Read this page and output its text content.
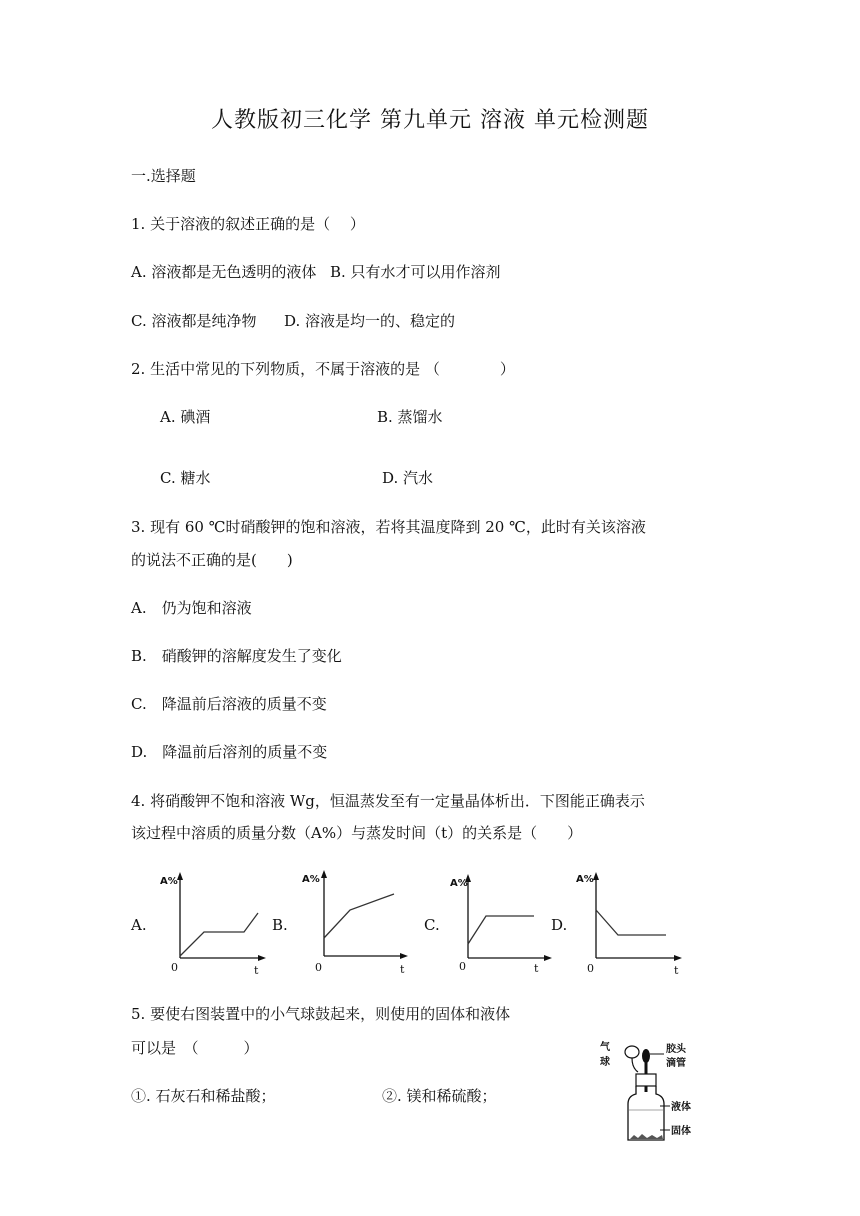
人教版初三化学 第九单元 溶液 单元检测题
一.选择题
1. 关于溶液的叙述正确的是（　 ）
A. 溶液都是无色透明的液体 B. 只有水才可以用作溶剂
C. 溶液都是纯净物 D. 溶液是均一的、稳定的
2. 生活中常见的下列物质，不属于溶液的是 （　　　　）
A. 碘酒	B. 蒸馏水
C. 糖水	D. 汽水
3. 现有 60 ℃时硝酸钾的饱和溶液，若将其温度降到 20 ℃，此时有关该溶液
的说法不正确的是(　　)
A.　仍为饱和溶液
B.　硝酸钾的溶解度发生了变化
C.　降温前后溶液的质量不变
D.　降温前后溶剂的质量不变
4. 将硝酸钾不饱和溶液 Wg，恒温蒸发至有一定量晶体析出．下图能正确表示
该过程中溶质的质量分数（A%）与蒸发时间（t）的关系是（　　）
A.	B.	C.	D.
A%
t
0
A%
t
0
A%
t
0
A%
t
0
5. 要使右图装置中的小气球鼓起来，则使用的固体和液体
可以是　（　　　）
①. 石灰石和稀盐酸；	②. 镁和稀硫酸；
气
球
胶头
滴管
液体
固体
